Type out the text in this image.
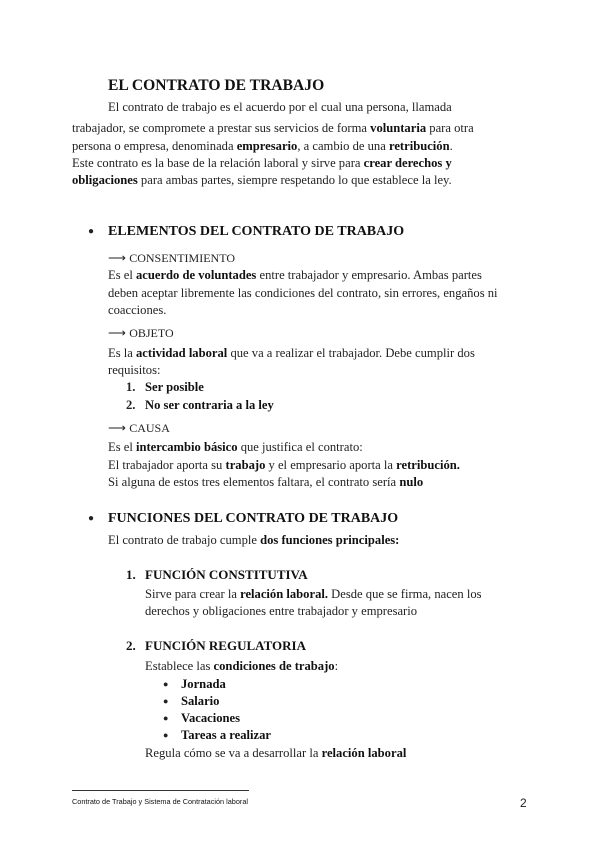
EL CONTRATO DE TRABAJO
El contrato de trabajo es el acuerdo por el cual una persona, llamada
trabajador, se compromete a prestar sus servicios de forma voluntaria para otra
persona o empresa, denominada empresario, a cambio de una retribución.
Este contrato es la base de la relación laboral y sirve para crear derechos y
obligaciones para ambas partes, siempre respetando lo que establece la ley.
● ELEMENTOS DEL CONTRATO DE TRABAJO
⟶ CONSENTIMIENTO
Es el acuerdo de voluntades entre trabajador y empresario. Ambas partes
deben aceptar libremente las condiciones del contrato, sin errores, engaños ni
coacciones.
⟶ OBJETO
Es la actividad laboral que va a realizar el trabajador. Debe cumplir dos
requisitos:
1. Ser posible
2. No ser contraria a la ley
⟶ CAUSA
Es el intercambio básico que justifica el contrato:
El trabajador aporta su trabajo y el empresario aporta la retribución.
Si alguna de estos tres elementos faltara, el contrato sería nulo
● FUNCIONES DEL CONTRATO DE TRABAJO
El contrato de trabajo cumple dos funciones principales:
1. FUNCIÓN CONSTITUTIVA
Sirve para crear la relación laboral. Desde que se firma, nacen los
derechos y obligaciones entre trabajador y empresario
2. FUNCIÓN REGULATORIA
Establece las condiciones de trabajo:
● Jornada
● Salario
● Vacaciones
● Tareas a realizar
Regula cómo se va a desarrollar la relación laboral
Contrato de Trabajo y Sistema de Contratación laboral	2
